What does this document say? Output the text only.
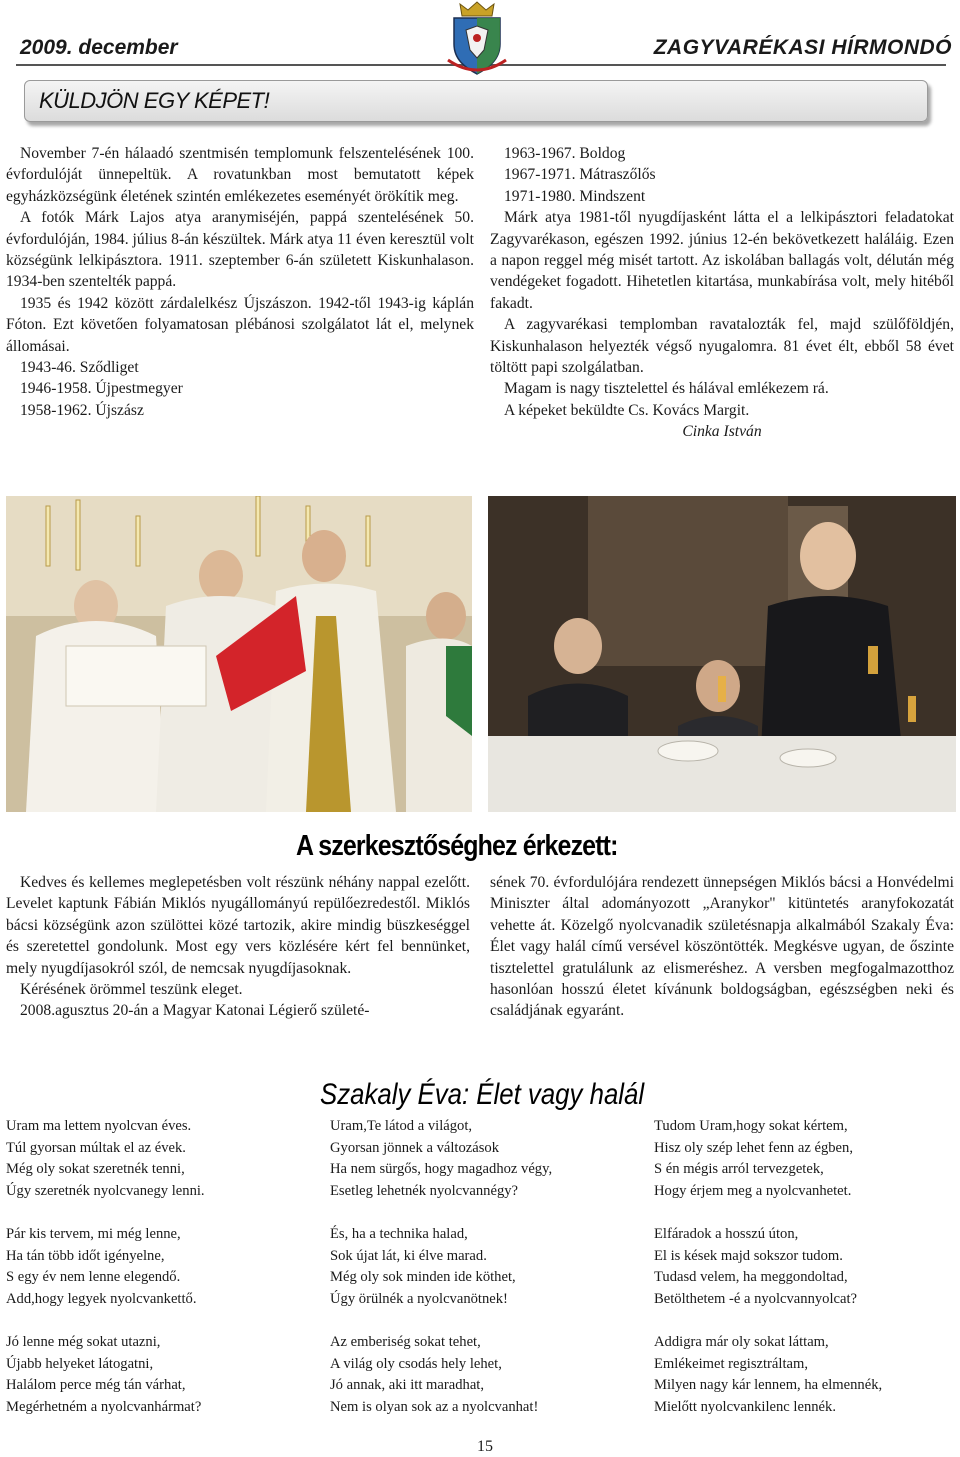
2009. december	ZAGYVARÉKASI HÍRMONDÓ
KÜLDJÖN EGY KÉPET!

November 7-én hálaadó szentmisén templomunk felszentelésének 100. évfordulóját ünnepeltük. A rovatunkban most bemutatott képek egyházközségünk életének szintén emlékezetes eseményét örökítik meg.

A fotók Márk Lajos atya aranymiséjén, pappá szentelésének 50. évfordulóján, 1984. július 8-án készültek. Márk atya 11 éven keresztül volt községünk lelkipásztora. 1911. szeptember 6-án született Kiskunhalason. 1934-ben szentelték pappá.

1935 és 1942 között zárdalelkész Újszászon. 1942-től 1943-ig káplán Fóton. Ezt követően folyamatosan plébánosi szolgálatot lát el, melynek állomásai.

1943-46. Sződliget
1946-1958. Újpestmegyer
1958-1962. Újszász
1963-1967. Boldog
1967-1971. Mátraszőlős
1971-1980. Mindszent

Márk atya 1981-től nyugdíjasként látta el a lelkipásztori feladatokat Zagyvarékason, egészen 1992. június 12-én bekövetkezett haláláig. Ezen a napon reggel még misét tartott. Az iskolában ballagás volt, délután még vendégeket fogadott. Hihetetlen kitartása, munkabírása volt, mely hitéből fakadt.

A zagyvarékasi templomban ravatalozták fel, majd szülőföldjén, Kiskunhalason helyezték végső nyugalomra. 81 évet élt, ebből 58 évet töltött papi szolgálatban.

Magam is nagy tisztelettel és hálával emlékezem rá.

A képeket beküldte Cs. Kovács Margit.

Cinka István
A szerkesztőséghez érkezett:

Kedves és kellemes meglepetésben volt részünk néhány nappal ezelőtt. Levelet kaptunk Fábián Miklós nyugállományú repülőezredestől. Miklós bácsi községünk azon szülöttei közé tartozik, akire mindig büszkeséggel és szeretettel gondolunk. Most egy vers közlésére kért fel bennünket, mely nyugdíjasokról szól, de nemcsak nyugdíjasoknak.

Kérésének örömmel teszünk eleget.

2008.agusztus 20-án a Magyar Katonai Légierő születé-

sének 70. évfordulójára rendezett ünnepségen Miklós bácsi a Honvédelmi Miniszter által adományozott „Aranykor" kitüntetés aranyfokozatát vehette át. Közelgő nyolcvanadik születésnapja alkalmából Szakaly Éva: Élet vagy halál című versével köszöntötték. Megkésve ugyan, de őszinte tisztelettel gratulálunk az elismeréshez. A versben megfogalmazotthoz hasonlóan hosszú életet kívánunk boldogságban, egészségben neki és családjának egyaránt.

Szakaly Éva: Élet vagy halál
Uram ma lettem nyolcvan éves.
Túl gyorsan múltak el az évek.
Még oly sokat szeretnék tenni,
Úgy szeretnék nyolcvanegy lenni.
Pár kis tervem, mi még lenne,
Ha tán több időt igényelne,
S egy év nem lenne elegendő.
Add,hogy legyek nyolcvankettő.
Jó lenne még sokat utazni,
Újabb helyeket látogatni,
Halálom perce még tán várhat,
Megérhetném a nyolcvanhármat?
Uram,Te látod a világot,
Gyorsan jönnek a változások
Ha nem sürgős, hogy magadhoz végy,
Esetleg lehetnék nyolcvannégy?
És, ha a technika halad,
Sok újat lát, ki élve marad.
Még oly sok minden ide köthet,
Úgy örülnék a nyolcvanötnek!
Az emberiség sokat tehet,
A világ oly csodás hely lehet,
Jó annak, aki itt maradhat,
Nem is olyan sok az a nyolcvanhat!
Tudom Uram,hogy sokat kértem,
Hisz oly szép lehet fenn az égben,
S én mégis arról tervezgetek,
Hogy érjem meg a nyolcvanhetet.
Elfáradok a hosszú úton,
El is kések majd sokszor tudom.
Tudasd velem, ha meggondoltad,
Betölthetem -é a nyolcvannyolcat?
Addigra már oly sokat láttam,
Emlékeimet regisztráltam,
Milyen nagy kár lennem, ha elmennék,
Mielőtt nyolcvankilenc lennék.
15
